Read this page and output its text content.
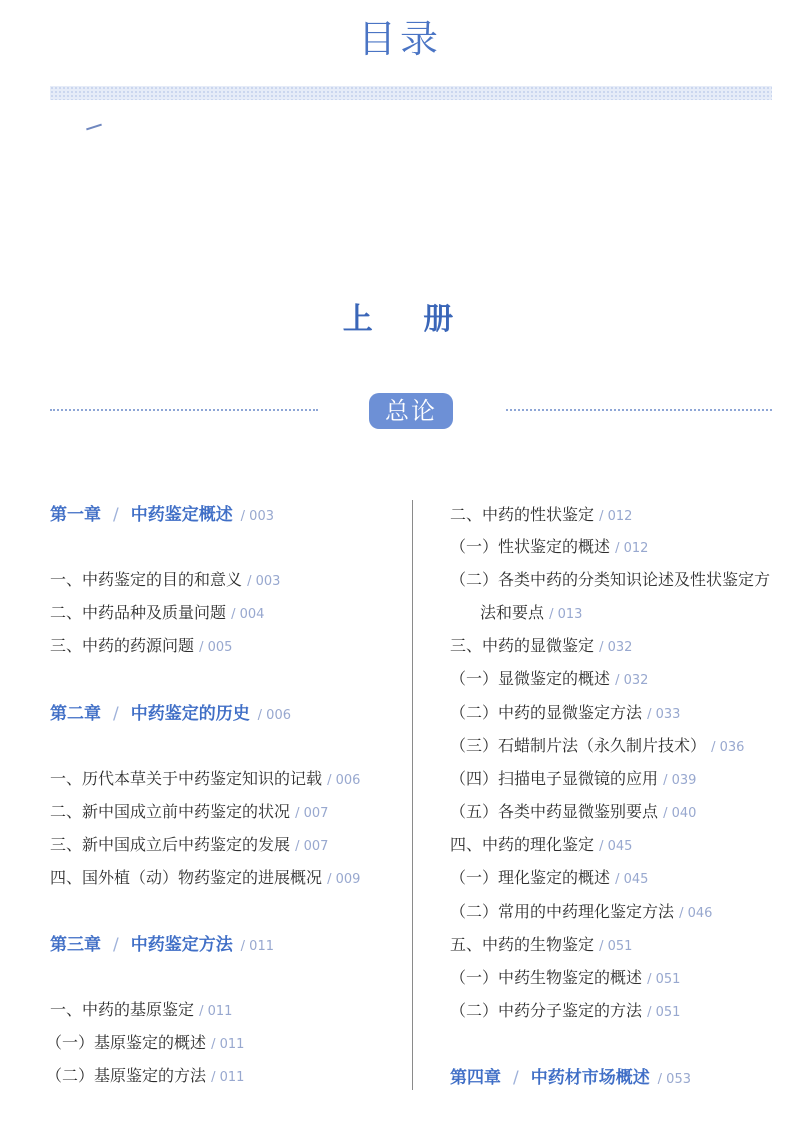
目录
上 册
总论
第一章 / 中药鉴定概述 / 003
一、中药鉴定的目的和意义 / 003
二、中药品种及质量问题 / 004
三、中药的药源问题 / 005
第二章 / 中药鉴定的历史 / 006
一、历代本草关于中药鉴定知识的记载 / 006
二、新中国成立前中药鉴定的状况 / 007
三、新中国成立后中药鉴定的发展 / 007
四、国外植（动）物药鉴定的进展概况 / 009
第三章 / 中药鉴定方法 / 011
一、中药的基原鉴定 / 011
（一）基原鉴定的概述 / 011
（二）基原鉴定的方法 / 011
二、中药的性状鉴定 / 012
（一）性状鉴定的概述 / 012
（二）各类中药的分类知识论述及性状鉴定方
法和要点 / 013
三、中药的显微鉴定 / 032
（一）显微鉴定的概述 / 032
（二）中药的显微鉴定方法 / 033
（三）石蜡制片法（永久制片技术） / 036
（四）扫描电子显微镜的应用 / 039
（五）各类中药显微鉴别要点 / 040
四、中药的理化鉴定 / 045
（一）理化鉴定的概述 / 045
（二）常用的中药理化鉴定方法 / 046
五、中药的生物鉴定 / 051
（一）中药生物鉴定的概述 / 051
（二）中药分子鉴定的方法 / 051
第四章 / 中药材市场概述 / 053
